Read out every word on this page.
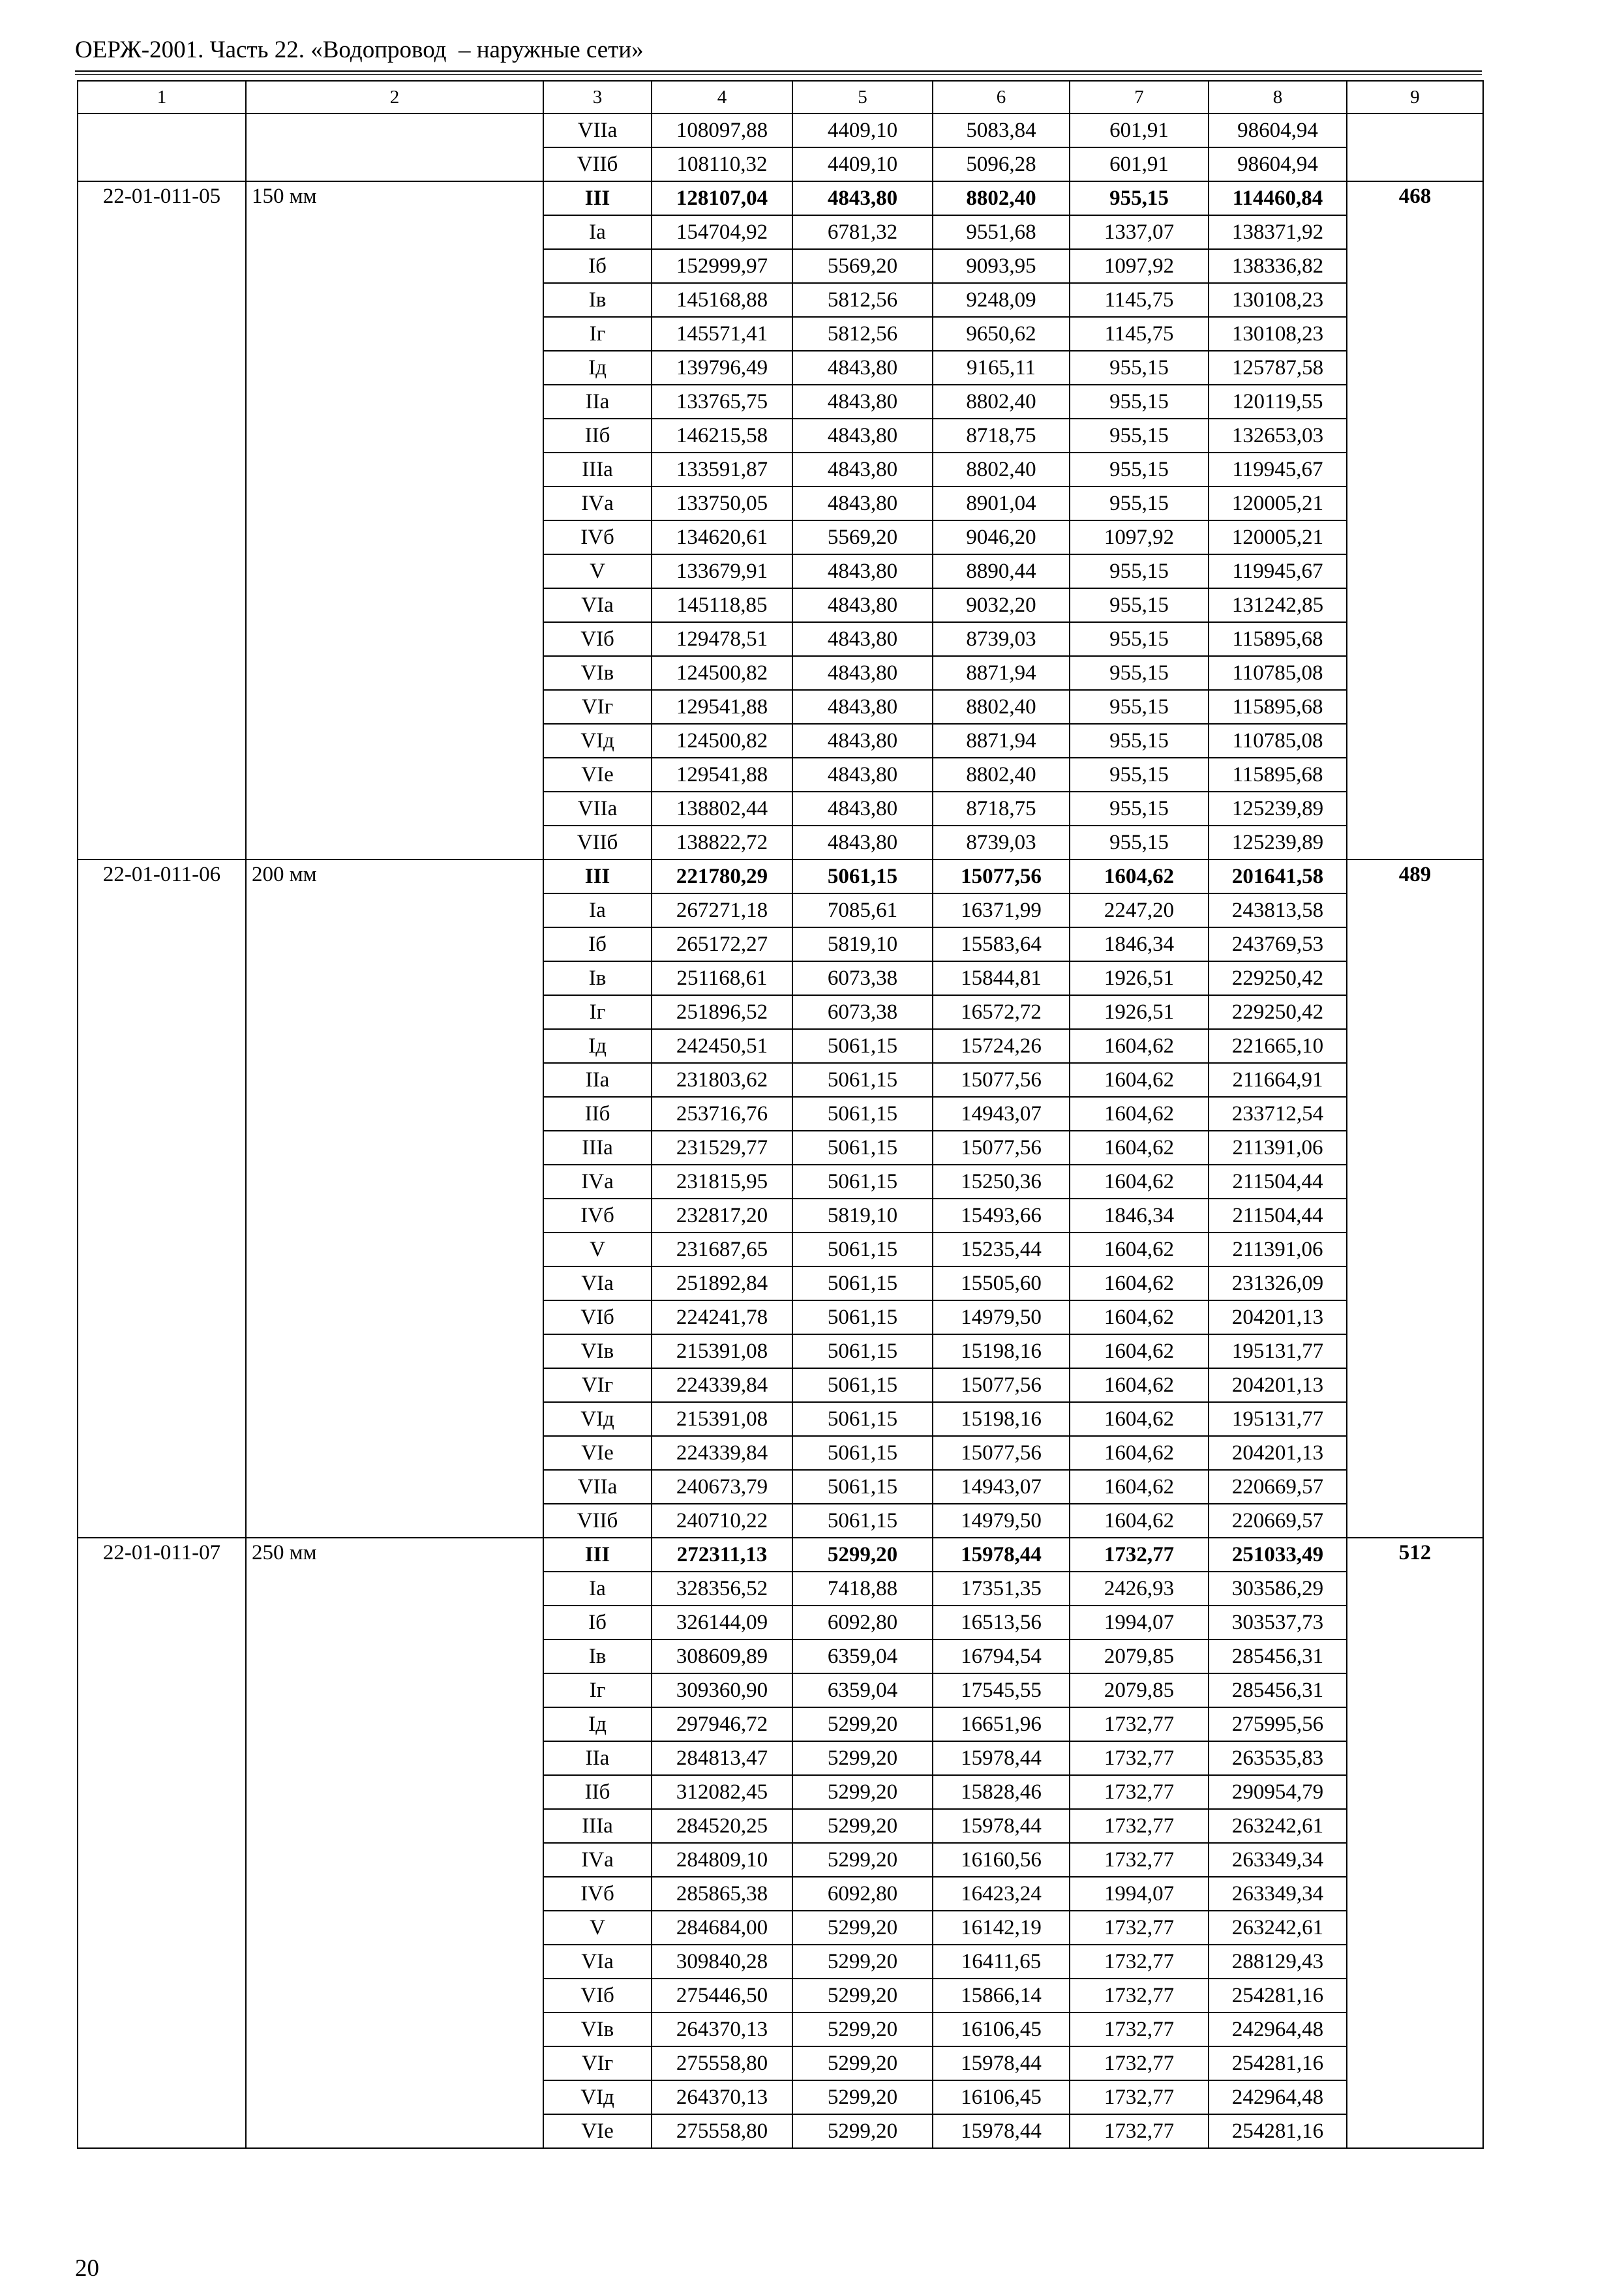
ОЕРЖ-2001. Часть 22. «Водопровод  – наружные сети»
1	2	3	4	5	6	7	8	9
		VIIа	108097,88	4409,10	5083,84	601,91	98604,94	
		VIIб	108110,32	4409,10	5096,28	601,91	98604,94	
22-01-011-05	150 мм	III	128107,04	4843,80	8802,40	955,15	114460,84	468
		Iа	154704,92	6781,32	9551,68	1337,07	138371,92	
		Iб	152999,97	5569,20	9093,95	1097,92	138336,82	
		Iв	145168,88	5812,56	9248,09	1145,75	130108,23	
		Iг	145571,41	5812,56	9650,62	1145,75	130108,23	
		Iд	139796,49	4843,80	9165,11	955,15	125787,58	
		IIа	133765,75	4843,80	8802,40	955,15	120119,55	
		IIб	146215,58	4843,80	8718,75	955,15	132653,03	
		IIIа	133591,87	4843,80	8802,40	955,15	119945,67	
		IVа	133750,05	4843,80	8901,04	955,15	120005,21	
		IVб	134620,61	5569,20	9046,20	1097,92	120005,21	
		V	133679,91	4843,80	8890,44	955,15	119945,67	
		VIа	145118,85	4843,80	9032,20	955,15	131242,85	
		VIб	129478,51	4843,80	8739,03	955,15	115895,68	
		VIв	124500,82	4843,80	8871,94	955,15	110785,08	
		VIг	129541,88	4843,80	8802,40	955,15	115895,68	
		VIд	124500,82	4843,80	8871,94	955,15	110785,08	
		VIе	129541,88	4843,80	8802,40	955,15	115895,68	
		VIIа	138802,44	4843,80	8718,75	955,15	125239,89	
		VIIб	138822,72	4843,80	8739,03	955,15	125239,89	
22-01-011-06	200 мм	III	221780,29	5061,15	15077,56	1604,62	201641,58	489
		Iа	267271,18	7085,61	16371,99	2247,20	243813,58	
		Iб	265172,27	5819,10	15583,64	1846,34	243769,53	
		Iв	251168,61	6073,38	15844,81	1926,51	229250,42	
		Iг	251896,52	6073,38	16572,72	1926,51	229250,42	
		Iд	242450,51	5061,15	15724,26	1604,62	221665,10	
		IIа	231803,62	5061,15	15077,56	1604,62	211664,91	
		IIб	253716,76	5061,15	14943,07	1604,62	233712,54	
		IIIа	231529,77	5061,15	15077,56	1604,62	211391,06	
		IVа	231815,95	5061,15	15250,36	1604,62	211504,44	
		IVб	232817,20	5819,10	15493,66	1846,34	211504,44	
		V	231687,65	5061,15	15235,44	1604,62	211391,06	
		VIа	251892,84	5061,15	15505,60	1604,62	231326,09	
		VIб	224241,78	5061,15	14979,50	1604,62	204201,13	
		VIв	215391,08	5061,15	15198,16	1604,62	195131,77	
		VIг	224339,84	5061,15	15077,56	1604,62	204201,13	
		VIд	215391,08	5061,15	15198,16	1604,62	195131,77	
		VIе	224339,84	5061,15	15077,56	1604,62	204201,13	
		VIIа	240673,79	5061,15	14943,07	1604,62	220669,57	
		VIIб	240710,22	5061,15	14979,50	1604,62	220669,57	
22-01-011-07	250 мм	III	272311,13	5299,20	15978,44	1732,77	251033,49	512
		Iа	328356,52	7418,88	17351,35	2426,93	303586,29	
		Iб	326144,09	6092,80	16513,56	1994,07	303537,73	
		Iв	308609,89	6359,04	16794,54	2079,85	285456,31	
		Iг	309360,90	6359,04	17545,55	2079,85	285456,31	
		Iд	297946,72	5299,20	16651,96	1732,77	275995,56	
		IIа	284813,47	5299,20	15978,44	1732,77	263535,83	
		IIб	312082,45	5299,20	15828,46	1732,77	290954,79	
		IIIа	284520,25	5299,20	15978,44	1732,77	263242,61	
		IVа	284809,10	5299,20	16160,56	1732,77	263349,34	
		IVб	285865,38	6092,80	16423,24	1994,07	263349,34	
		V	284684,00	5299,20	16142,19	1732,77	263242,61	
		VIа	309840,28	5299,20	16411,65	1732,77	288129,43	
		VIб	275446,50	5299,20	15866,14	1732,77	254281,16	
		VIв	264370,13	5299,20	16106,45	1732,77	242964,48	
		VIг	275558,80	5299,20	15978,44	1732,77	254281,16	
		VIд	264370,13	5299,20	16106,45	1732,77	242964,48	
		VIе	275558,80	5299,20	15978,44	1732,77	254281,16	
20
